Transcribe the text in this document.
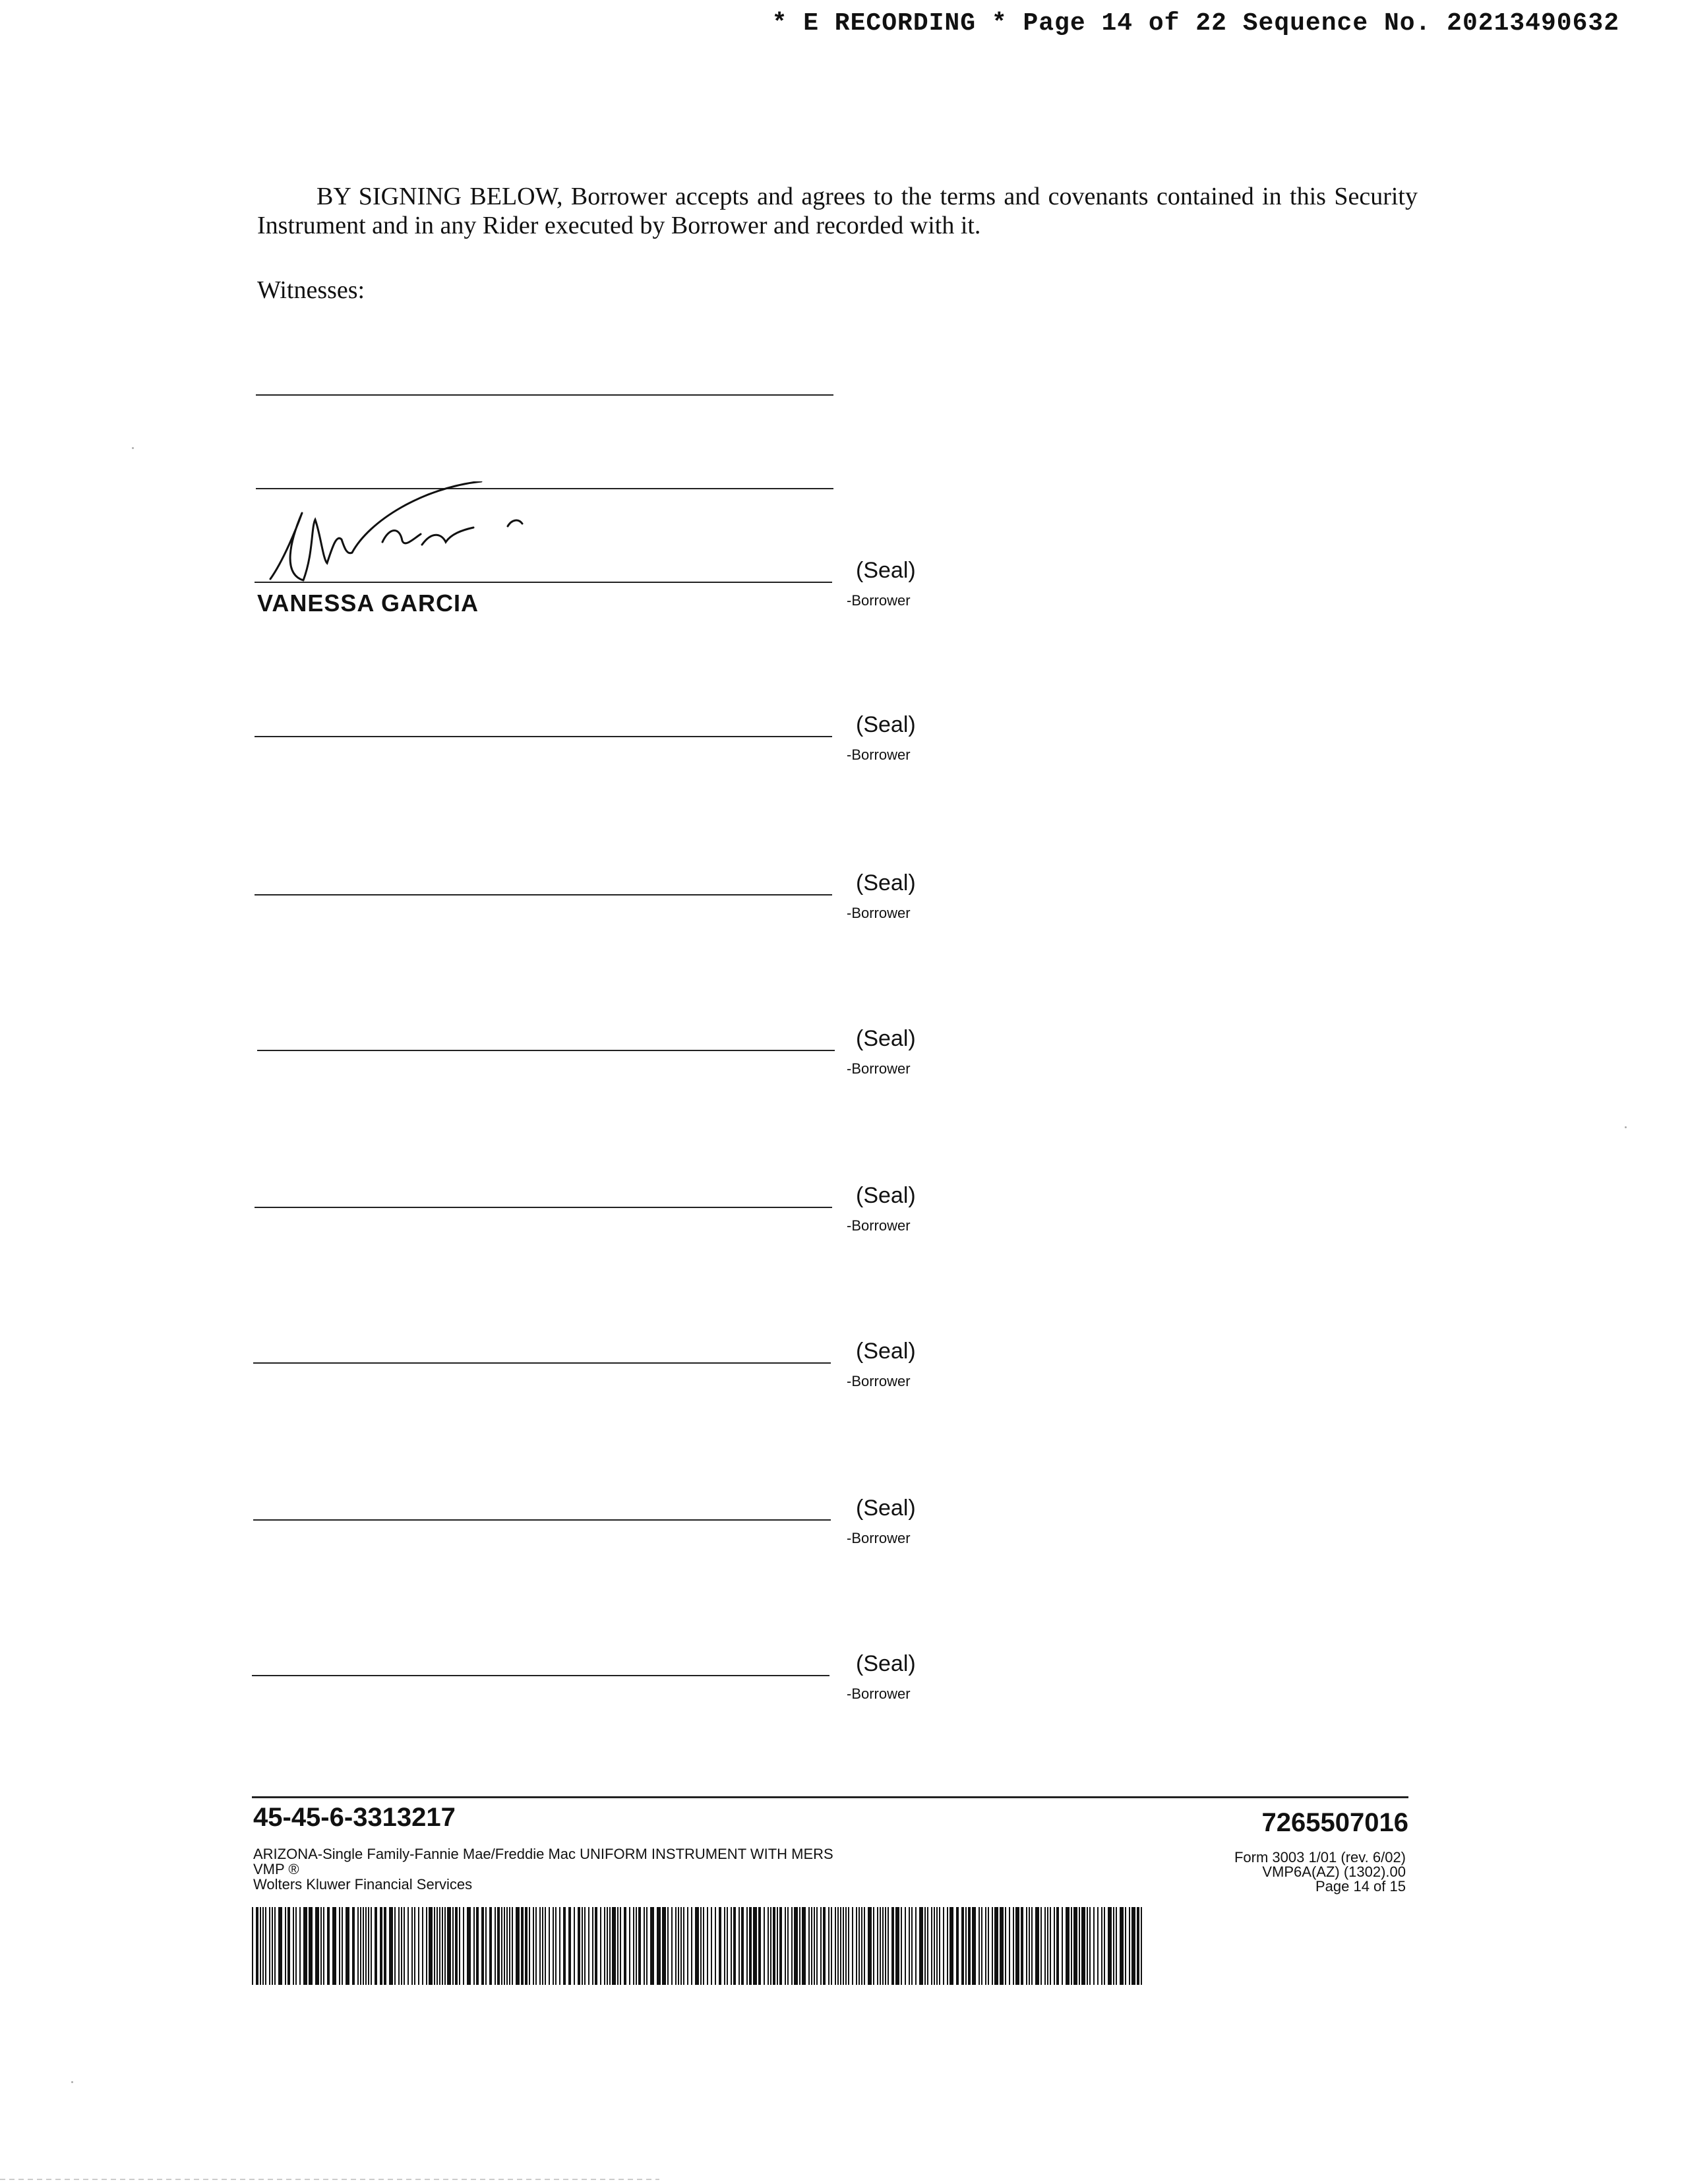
* E RECORDING * Page 14 of 22 Sequence No. 20213490632

BY SIGNING BELOW, Borrower accepts and agrees to the terms and covenants contained in this Security Instrument and in any Rider executed by Borrower and recorded with it.

Witnesses:
VANESSA GARCIA
(Seal)
-Borrower
(Seal)
-Borrower
(Seal)
-Borrower
(Seal)
-Borrower
(Seal)
-Borrower
(Seal)
-Borrower
(Seal)
-Borrower
(Seal)
-Borrower
45-45-6-3313217	7265507016
ARIZONA-Single Family-Fannie Mae/Freddie Mac UNIFORM INSTRUMENT WITH MERS
VMP ®
Wolters Kluwer Financial Services
Form 3003 1/01 (rev. 6/02)
VMP6A(AZ) (1302).00
Page 14 of 15
